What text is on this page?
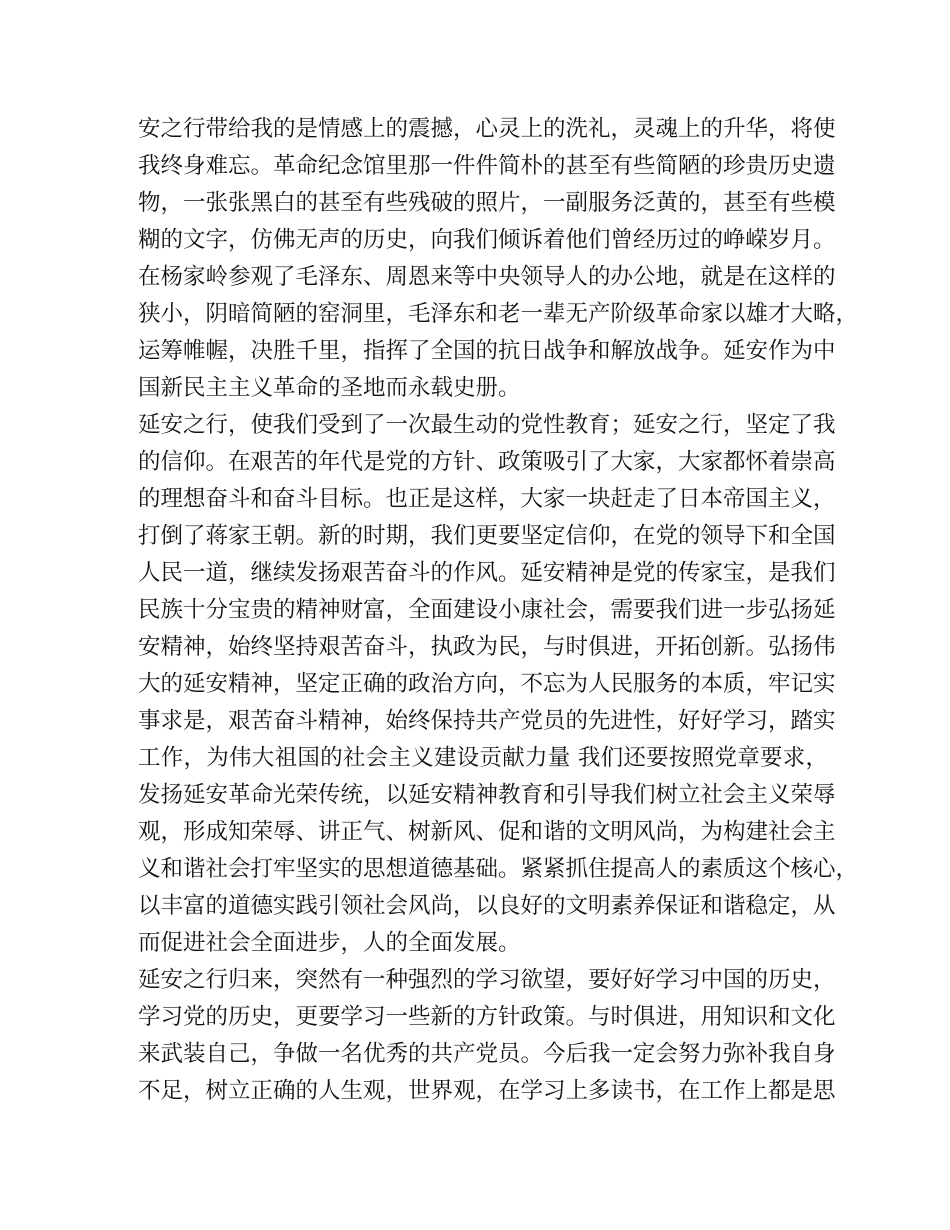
安之行带给我的是情感上的震撼，心灵上的洗礼，灵魂上的升华，将使
我终身难忘。革命纪念馆里那一件件简朴的甚至有些简陋的珍贵历史遗
物，一张张黑白的甚至有些残破的照片，一副服务泛黄的，甚至有些模
糊的文字，仿佛无声的历史，向我们倾诉着他们曾经历过的峥嵘岁月。
在杨家岭参观了毛泽东、周恩来等中央领导人的办公地，就是在这样的
狭小，阴暗简陋的窑洞里，毛泽东和老一辈无产阶级革命家以雄才大略，
运筹帷幄，决胜千里，指挥了全国的抗日战争和解放战争。延安作为中
国新民主主义革命的圣地而永载史册。
延安之行，使我们受到了一次最生动的党性教育；延安之行，坚定了我
的信仰。在艰苦的年代是党的方针、政策吸引了大家，大家都怀着崇高
的理想奋斗和奋斗目标。也正是这样，大家一块赶走了日本帝国主义，
打倒了蒋家王朝。新的时期，我们更要坚定信仰，在党的领导下和全国
人民一道，继续发扬艰苦奋斗的作风。延安精神是党的传家宝，是我们
民族十分宝贵的精神财富，全面建设小康社会，需要我们进一步弘扬延
安精神，始终坚持艰苦奋斗，执政为民，与时俱进，开拓创新。弘扬伟
大的延安精神，坚定正确的政治方向，不忘为人民服务的本质，牢记实
事求是，艰苦奋斗精神，始终保持共产党员的先进性，好好学习，踏实
工作，为伟大祖国的社会主义建设贡献力量 我们还要按照党章要求，
发扬延安革命光荣传统，以延安精神教育和引导我们树立社会主义荣辱
观，形成知荣辱、讲正气、树新风、促和谐的文明风尚，为构建社会主
义和谐社会打牢坚实的思想道德基础。紧紧抓住提高人的素质这个核心，
以丰富的道德实践引领社会风尚，以良好的文明素养保证和谐稳定，从
而促进社会全面进步，人的全面发展。
延安之行归来，突然有一种强烈的学习欲望，要好好学习中国的历史，
学习党的历史，更要学习一些新的方针政策。与时俱进，用知识和文化
来武装自己，争做一名优秀的共产党员。今后我一定会努力弥补我自身
不足，树立正确的人生观，世界观，在学习上多读书，在工作上都是思
